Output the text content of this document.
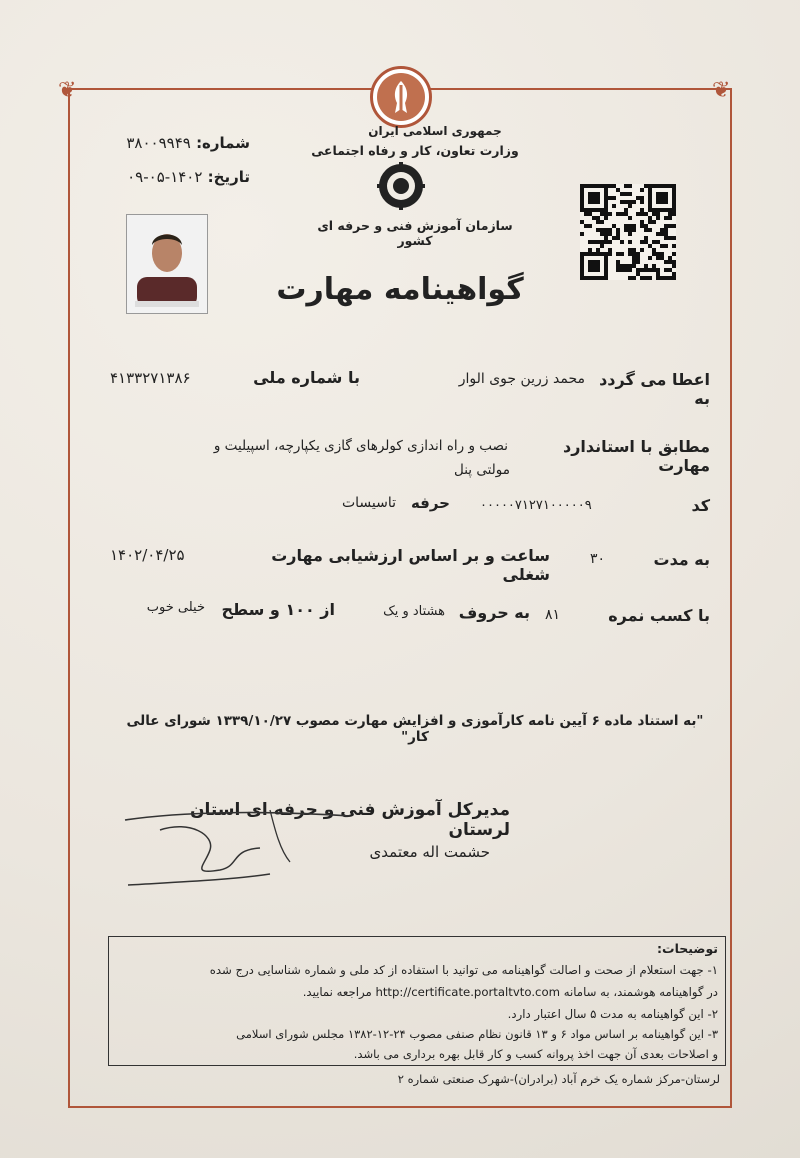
❦	❦
جمهوری اسلامی ایران
وزارت تعاون، کار و رفاه اجتماعی
سازمان آموزش فنی و حرفه ای کشور
شماره: ۳۸۰۰۹۹۴۹
تاریخ: ۱۴۰۲-۰۵-۰۹
گواهینامه مهارت
اعطا می گردد به
محمد زرین جوی الوار
با شماره ملی
۴۱۳۳۲۷۱۳۸۶
مطابق با استاندارد مهارت
نصب و راه اندازی کولرهای گازی یکپارچه، اسپیلیت و
مولتی پنل
کد
۰۰۰۰۰۷۱۲۷۱۰۰۰۰۰۹
حرفه
تاسیسات
به مدت
۳۰
ساعت و بر اساس ارزشیابی مهارت شغلی
۱۴۰۲/۰۴/۲۵
با کسب نمره
۸۱
به حروف
هشتاد و یک
از ۱۰۰ و سطح
خیلی خوب
"به استناد ماده ۶ آیین نامه کارآموزی و افزایش مهارت مصوب ۱۳۳۹/۱۰/۲۷ شورای عالی کار"
مدیرکل آموزش فنی و حرفه ای استان لرستان
حشمت اله معتمدی
توضیحات:
۱- جهت استعلام از صحت و اصالت گواهینامه می توانید با استفاده از کد ملی و شماره شناسایی درج شده
در گواهینامه هوشمند، به سامانه http://certificate.portaltvto.com مراجعه نمایید.
۲- این گواهینامه به مدت ۵ سال اعتبار دارد.
۳- این گواهینامه بر اساس مواد ۶ و ۱۳ قانون نظام صنفی مصوب ۲۴-۱۲-۱۳۸۲ مجلس شورای اسلامی
و اصلاحات بعدی آن جهت اخذ پروانه کسب و کار قابل بهره برداری می باشد.
لرستان-مرکز شماره یک خرم آباد (برادران)-شهرک صنعتی شماره ۲
